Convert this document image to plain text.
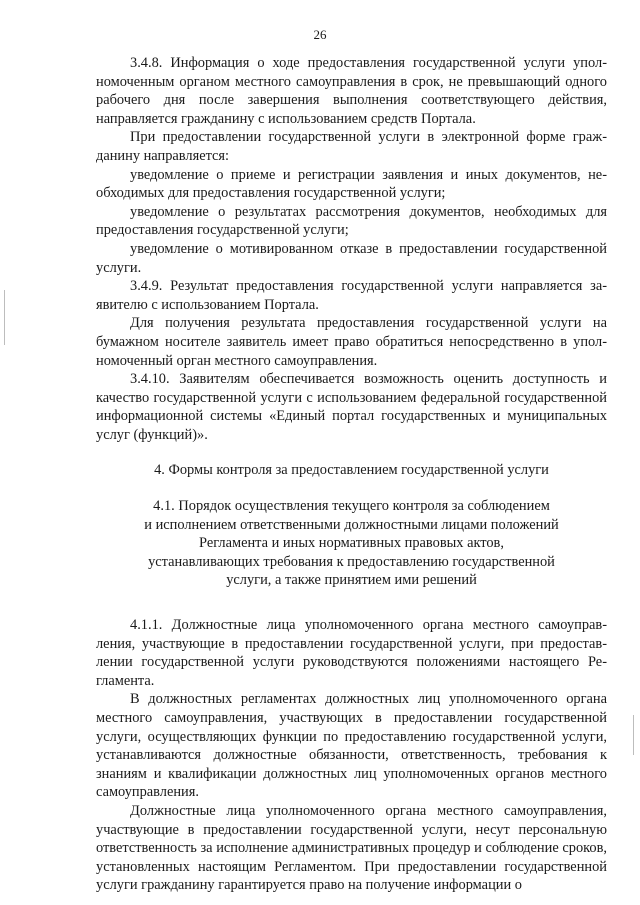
26

3.4.8. Информация о ходе предоставления государственной услуги уполномоченным органом местного самоуправления в срок, не превышающий одного рабочего дня после завершения выполнения соответствующего действия, направляется гражданину с использованием средств Портала.

При предоставлении государственной услуги в электронной форме гражданину направляется:

уведомление о приеме и регистрации заявления и иных документов, необходимых для предоставления государственной услуги;

уведомление о результатах рассмотрения документов, необходимых для предоставления государственной услуги;

уведомление о мотивированном отказе в предоставлении государственной услуги.

3.4.9. Результат предоставления государственной услуги направляется заявителю с использованием Портала.

Для получения результата предоставления государственной услуги на бумажном носителе заявитель имеет право обратиться непосредственно в уполномоченный орган местного самоуправления.

3.4.10. Заявителям обеспечивается возможность оценить доступность и качество государственной услуги с использованием федеральной государственной информационной системы «Единый портал государственных и муниципальных услуг (функций)».

4. Формы контроля за предоставлением государственной услуги
4.1. Порядок осуществления текущего контроля за соблюдением
и исполнением ответственными должностными лицами положений
Регламента и иных нормативных правовых актов,
устанавливающих требования к предоставлению государственной
услуги, а также принятием ими решений

4.1.1. Должностные лица уполномоченного органа местного самоуправления, участвующие в предоставлении государственной услуги, при предоставлении государственной услуги руководствуются положениями настоящего Регламента.

В должностных регламентах должностных лиц уполномоченного органа местного самоуправления, участвующих в предоставлении государственной услуги, осуществляющих функции по предоставлению государственной услуги, устанавливаются должностные обязанности, ответственность, требования к знаниям и квалификации должностных лиц уполномоченных органов местного самоуправления.

Должностные лица уполномоченного органа местного самоуправления, участвующие в предоставлении государственной услуги, несут персональную ответственность за исполнение административных процедур и соблюдение сроков, установленных настоящим Регламентом. При предоставлении государственной услуги гражданину гарантируется право на получение информации о
